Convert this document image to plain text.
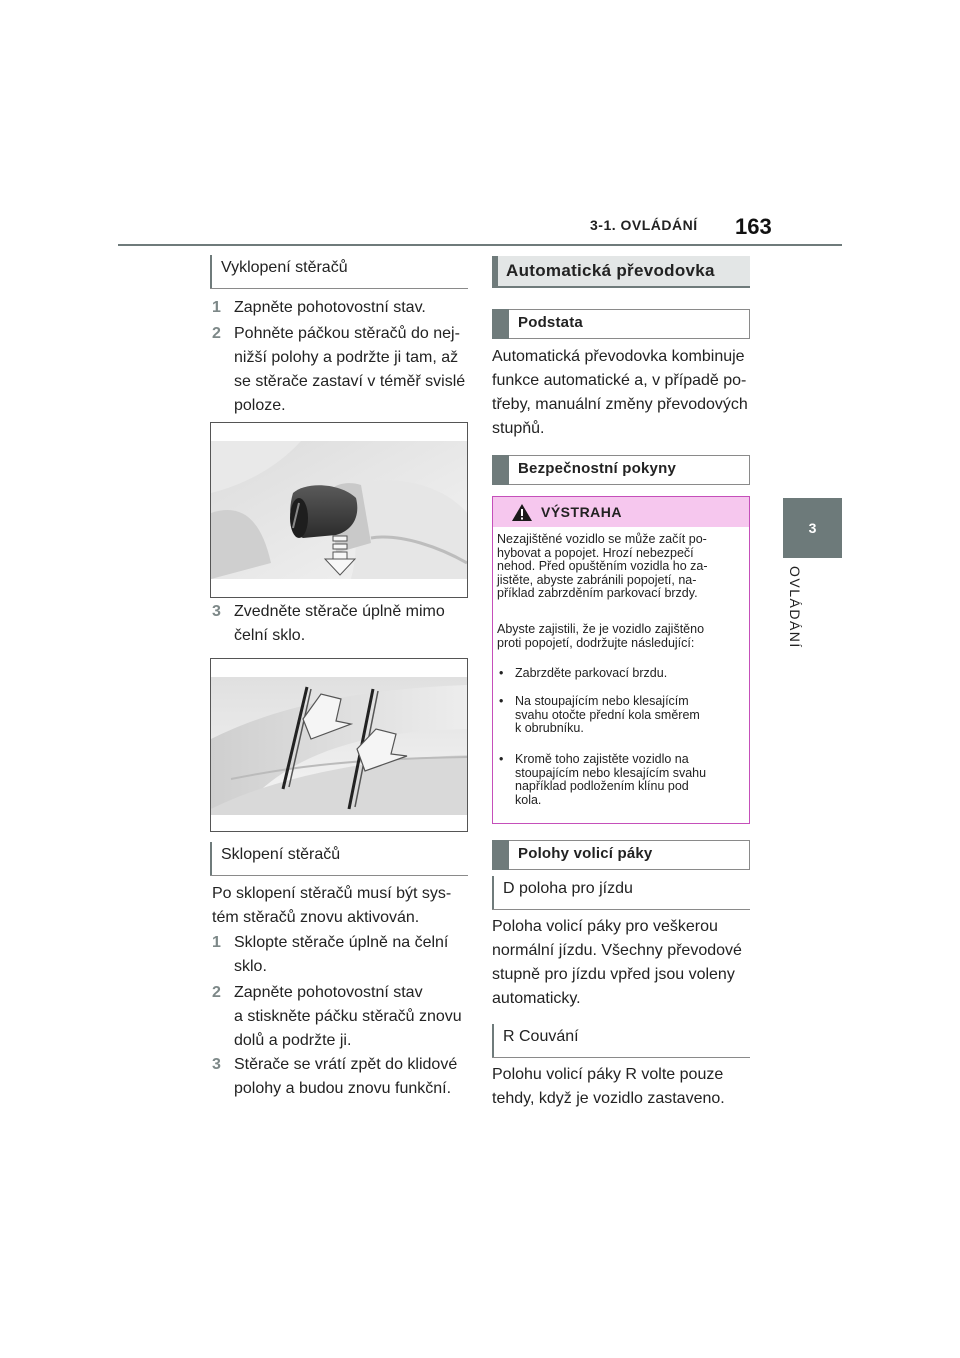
3-1. OVLÁDÁNÍ 163
3
OVLÁDÁNÍ
Vyklopení stěračů
1 Zapněte pohotovostní stav.
2 Pohněte páčkou stěračů do nej-
nižší polohy a podržte ji tam, až
se stěrače zastaví v téměř svislé
poloze.
3 Zvedněte stěrače úplně mimo
čelní sklo.
Sklopení stěračů
Po sklopení stěračů musí být sys-
tém stěračů znovu aktivován.
1 Sklopte stěrače úplně na čelní
sklo.
2 Zapněte pohotovostní stav
a stiskněte páčku stěračů znovu
dolů a podržte ji.
3 Stěrače se vrátí zpět do klidové
polohy a budou znovu funkční.
Automatická převodovka
Podstata
Automatická převodovka kombinuje
funkce automatické a, v případě po-
třeby, manuální změny převodových
stupňů.
Bezpečnostní pokyny
VÝSTRAHA
Nezajištěné vozidlo se může začít po-
hybovat a popojet. Hrozí nebezpečí
nehod. Před opuštěním vozidla ho za-
jistěte, abyste zabránili popojetí, na-
příklad zabrzděním parkovací brzdy.
Abyste zajistili, že je vozidlo zajištěno
proti popojetí, dodržujte následující:
• Zabrzděte parkovací brzdu.
• Na stoupajícím nebo klesajícím
svahu otočte přední kola směrem
k obrubníku.
• Kromě toho zajistěte vozidlo na
stoupajícím nebo klesajícím svahu
například podložením klínu pod
kola.
Polohy volicí páky
D poloha pro jízdu
Poloha volicí páky pro veškerou
normální jízdu. Všechny převodové
stupně pro jízdu vpřed jsou voleny
automaticky.
R Couvání
Polohu volicí páky R volte pouze
tehdy, když je vozidlo zastaveno.
